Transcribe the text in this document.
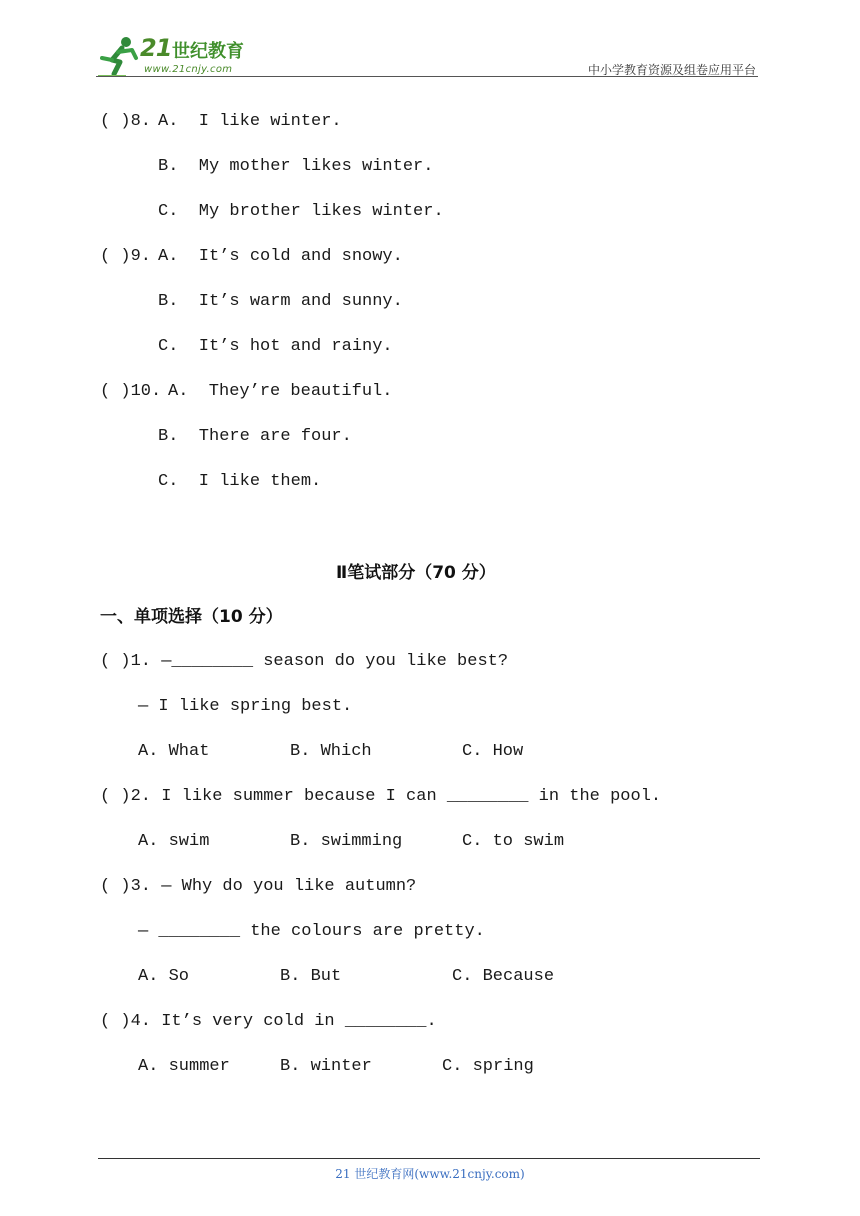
21 世纪教育
www.21cnjy.com	中小学教育资源及组卷应用平台
( )8. A.  I like winter.
B.  My mother likes winter.
C.  My brother likes winter.
( )9. A.  It’s cold and snowy.
B.  It’s warm and sunny.
C.  It’s hot and rainy.
( )10. A.  They’re beautiful.
B.  There are four.
C.  I like them.
Ⅱ笔试部分（70 分）
一、单项选择（10 分）
( )1. —________ season do you like best?
— I like spring best.
A. What	B. Which	C. How
( )2. I like summer because I can ________ in the pool.
A. swim	B. swimming	C. to swim
( )3. — Why do you like autumn?
— ________ the colours are pretty.
A. So	B. But	C. Because
( )4. It’s very cold in ________.
A. summer	B. winter	C. spring
21 世纪教育网(www.21cnjy.com)
